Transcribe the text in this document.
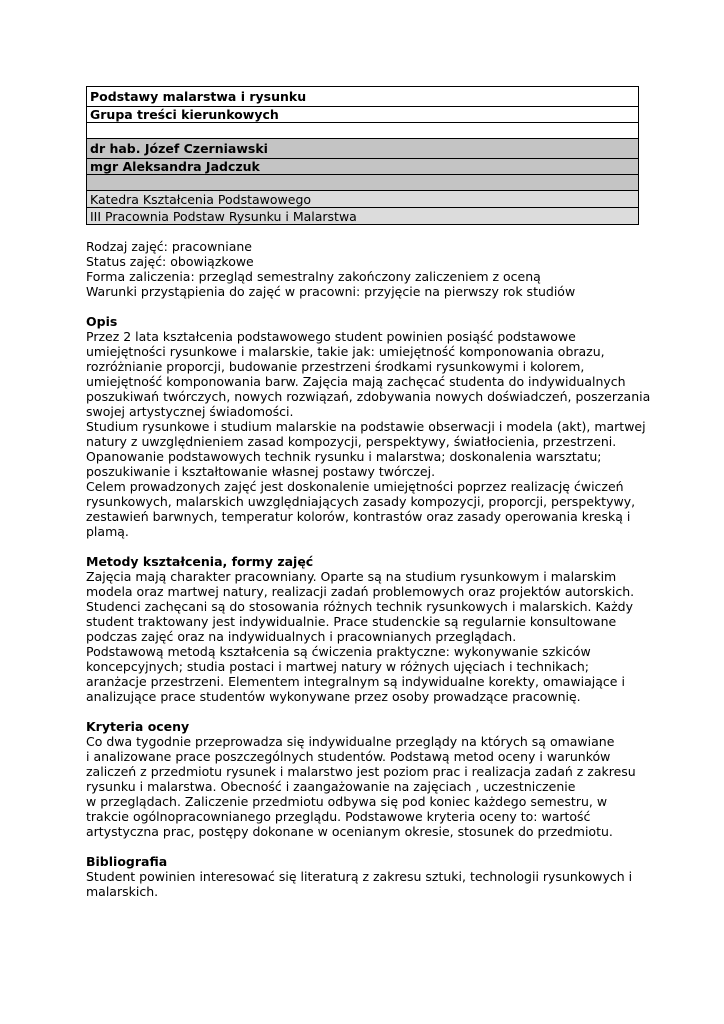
Podstawy malarstwa i rysunku
Grupa treści kierunkowych

dr hab. Józef Czerniawski
mgr Aleksandra Jadczuk

Katedra Kształcenia Podstawowego
III Pracownia Podstaw Rysunku i Malarstwa
Rodzaj zajęć: pracowniane
Status zajęć: obowiązkowe
Forma zaliczenia: przegląd semestralny zakończony zaliczeniem z oceną
Warunki przystąpienia do zajęć w pracowni: przyjęcie na pierwszy rok studiów
Opis
Przez 2 lata kształcenia podstawowego student powinien posiąść podstawowe
umiejętności rysunkowe i malarskie, takie jak: umiejętność komponowania obrazu,
rozróżnianie proporcji, budowanie przestrzeni środkami rysunkowymi i kolorem,
umiejętność komponowania barw. Zajęcia mają zachęcać studenta do indywidualnych
poszukiwań twórczych, nowych rozwiązań, zdobywania nowych doświadczeń, poszerzania
swojej artystycznej świadomości.
Studium rysunkowe i studium malarskie na podstawie obserwacji i modela (akt), martwej
natury z uwzględnieniem zasad kompozycji, perspektywy, światłocienia, przestrzeni.
Opanowanie podstawowych technik rysunku i malarstwa; doskonalenia warsztatu;
poszukiwanie i kształtowanie własnej postawy twórczej.
Celem prowadzonych zajęć jest doskonalenie umiejętności poprzez realizację ćwiczeń
rysunkowych, malarskich uwzględniających zasady kompozycji, proporcji, perspektywy,
zestawień barwnych, temperatur kolorów, kontrastów oraz zasady operowania kreską i
plamą.
Metody kształcenia, formy zajęć
Zajęcia mają charakter pracowniany. Oparte są na studium rysunkowym i malarskim
modela oraz martwej natury, realizacji zadań problemowych oraz projektów autorskich.
Studenci zachęcani są do stosowania różnych technik rysunkowych i malarskich. Każdy
student traktowany jest indywidualnie. Prace studenckie są regularnie konsultowane
podczas zajęć oraz na indywidualnych i pracownianych przeglądach.
Podstawową metodą kształcenia są ćwiczenia praktyczne: wykonywanie szkiców
koncepcyjnych; studia postaci i martwej natury w różnych ujęciach i technikach;
aranżacje przestrzeni. Elementem integralnym są indywidualne korekty, omawiające i
analizujące prace studentów wykonywane przez osoby prowadzące pracownię.
Kryteria oceny
Co dwa tygodnie przeprowadza się indywidualne przeglądy na których są omawiane
i analizowane prace poszczególnych studentów. Podstawą metod oceny i warunków
zaliczeń z przedmiotu rysunek i malarstwo jest poziom prac i realizacja zadań z zakresu
rysunku i malarstwa. Obecność i zaangażowanie na zajęciach , uczestniczenie
w przeglądach. Zaliczenie przedmiotu odbywa się pod koniec każdego semestru, w
trakcie ogólnopracownianego przeglądu. Podstawowe kryteria oceny to: wartość
artystyczna prac, postępy dokonane w ocenianym okresie, stosunek do przedmiotu.
Bibliografia
Student powinien interesować się literaturą z zakresu sztuki, technologii rysunkowych i
malarskich.
